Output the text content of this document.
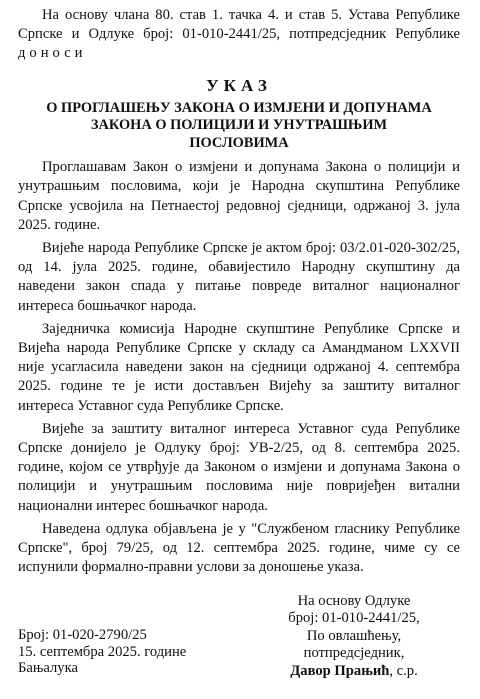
На основу члана 80. став 1. тачка 4. и став 5. Устава Републике Српске и Одлуке број: 01-010-2441/25, потпредсједник Републике доноси

УКАЗ
О ПРОГЛАШЕЊУ ЗАКОНА О ИЗМЈЕНИ И ДОПУНАМА
ЗАКОНА О ПОЛИЦИЈИ И УНУТРАШЊИМ
ПОСЛОВИМА

Проглашавам Закон о измјени и допунама Закона о полицији и унутрашњим пословима, који је Народна скупштина Републике Српске усвојила на Петнаестој редовној сједници, одржаној 3. јула 2025. године.

Вијеће народа Републике Српске је актом број: 03/2.01-020-302/25, од 14. јула 2025. године, обавијестило Народну скупштину да наведени закон спада у питање повреде виталног националног интереса бошњачког народа.

Заједничка комисија Народне скупштине Републике Српске и Вијећа народа Републике Српске у складу са Амандманом LXXVII није усагласила наведени закон на сједници одржаној 4. септембра 2025. године те је исти достављен Вијећу за заштиту виталног интереса Уставног суда Републике Српске.

Вијеће за заштиту виталног интереса Уставног суда Републике Српске донијело је Одлуку број: УВ-2/25, од 8. септембра 2025. године, којом се утврђује да Законом о измјени и допунама Закона о полицији и унутрашњим пословима није повријеђен витални национални интерес бошњачког народа.

Наведена одлука објављена је у "Службеном гласнику Републике Српске", број 79/25, од 12. септембра 2025. године, чиме су се испунили формално-правни услови за доношење указа.

На основу Одлуке
број: 01-010-2441/25,
По овлашћењу,
потпредсједник,
Давор Прањић, с.р.
Број: 01-020-2790/25
15. септембра 2025. године
Бањалука
